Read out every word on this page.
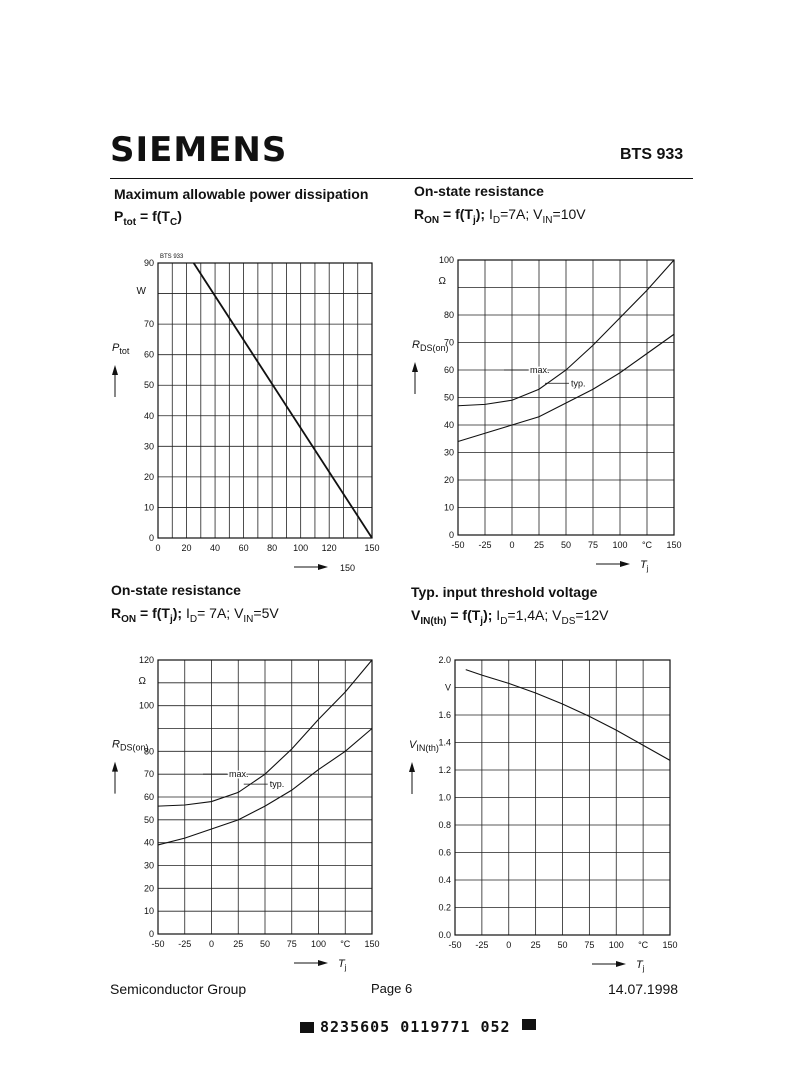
SIEMENS	BTS 933
Maximum allowable power dissipation
$P_{tot} = f(T_C)$
On-state resistance
$R_{ON} = f(T_j)$; $I_D=7A$; $V_{IN}=10V$
On-state resistance
$R_{ON} = f(T_j)$; $I_D= 7A$; $V_{IN}=5V$
Typ. input threshold voltage
$V_{IN(th)} = f(T_j)$; $I_D=1,4A$; $V_{DS}=12V$
0
10
20
30
40
50
60
70
90
0 20 40 60 80 100 120	150
W
$P_{tot}$
150
BTS 933
0
10
20
30
40
50
60
70
80
100
-50 -25 0 25 50 75 100 °C 150
Ω
$R_{DS(on)}$
$T_j$
max.
typ.
0
10
20
30
40
50
60
70
80
100
120
-50 -25 0 25 50 75 100 °C 150
Ω
$R_{DS(on)}$
$T_j$
max.
typ.
0.0
0.2
0.4
0.6
0.8
1.0
1.2
1.4
1.6
V
2.0
-50 -25 0 25 50 75 100 °C 150
$V_{IN(th)}$
$T_j$
Semiconductor Group	Page 6	14.07.1998
8235605 0119771 052
